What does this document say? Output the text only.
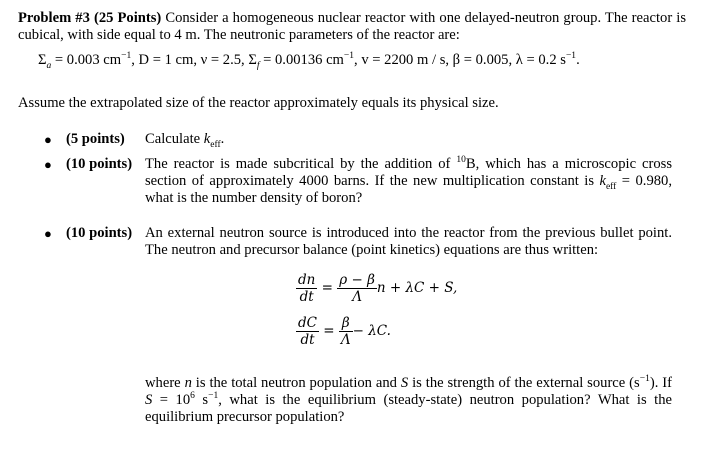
Problem #3 (25 Points) Consider a homogeneous nuclear reactor with one delayed-neutron group. The reactor is cubical, with side equal to 4 m. The neutronic parameters of the reactor are:
$\Sigma_a = 0.003$ $cm^{-1}$, D = 1 cm, ν = 2.5, $\Sigma_f = 0.00136$ $cm^{-1}$, v = 2200 m / s, β = 0.005, λ = 0.2 $s^{-1}$.
Assume the extrapolated size of the reactor approximately equals its physical size.
● (5 points) Calculate $k_{eff}$.
● (10 points) The reactor is made subcritical by the addition of $^{10}$B, which has a microscopic cross section of approximately 4000 barns. If the new multiplication constant is $k_{eff} = 0.980$, what is the number density of boron?
● (10 points) An external neutron source is introduced into the reactor from the previous bullet point. The neutron and precursor balance (point kinetics) equations are thus written:
$\frac{dn}{dt} = \frac{\rho - \beta}{\Lambda}$ n + λC + S,
$\frac{dC}{dt} = \frac{\beta}{\Lambda} - \lambda C$.
where n is the total neutron population and S is the strength of the external source $(s^{-1})$. If $S = 10^6$ $s^{-1}$, what is the equilibrium (steady-state) neutron population? What is the equilibrium precursor population?
